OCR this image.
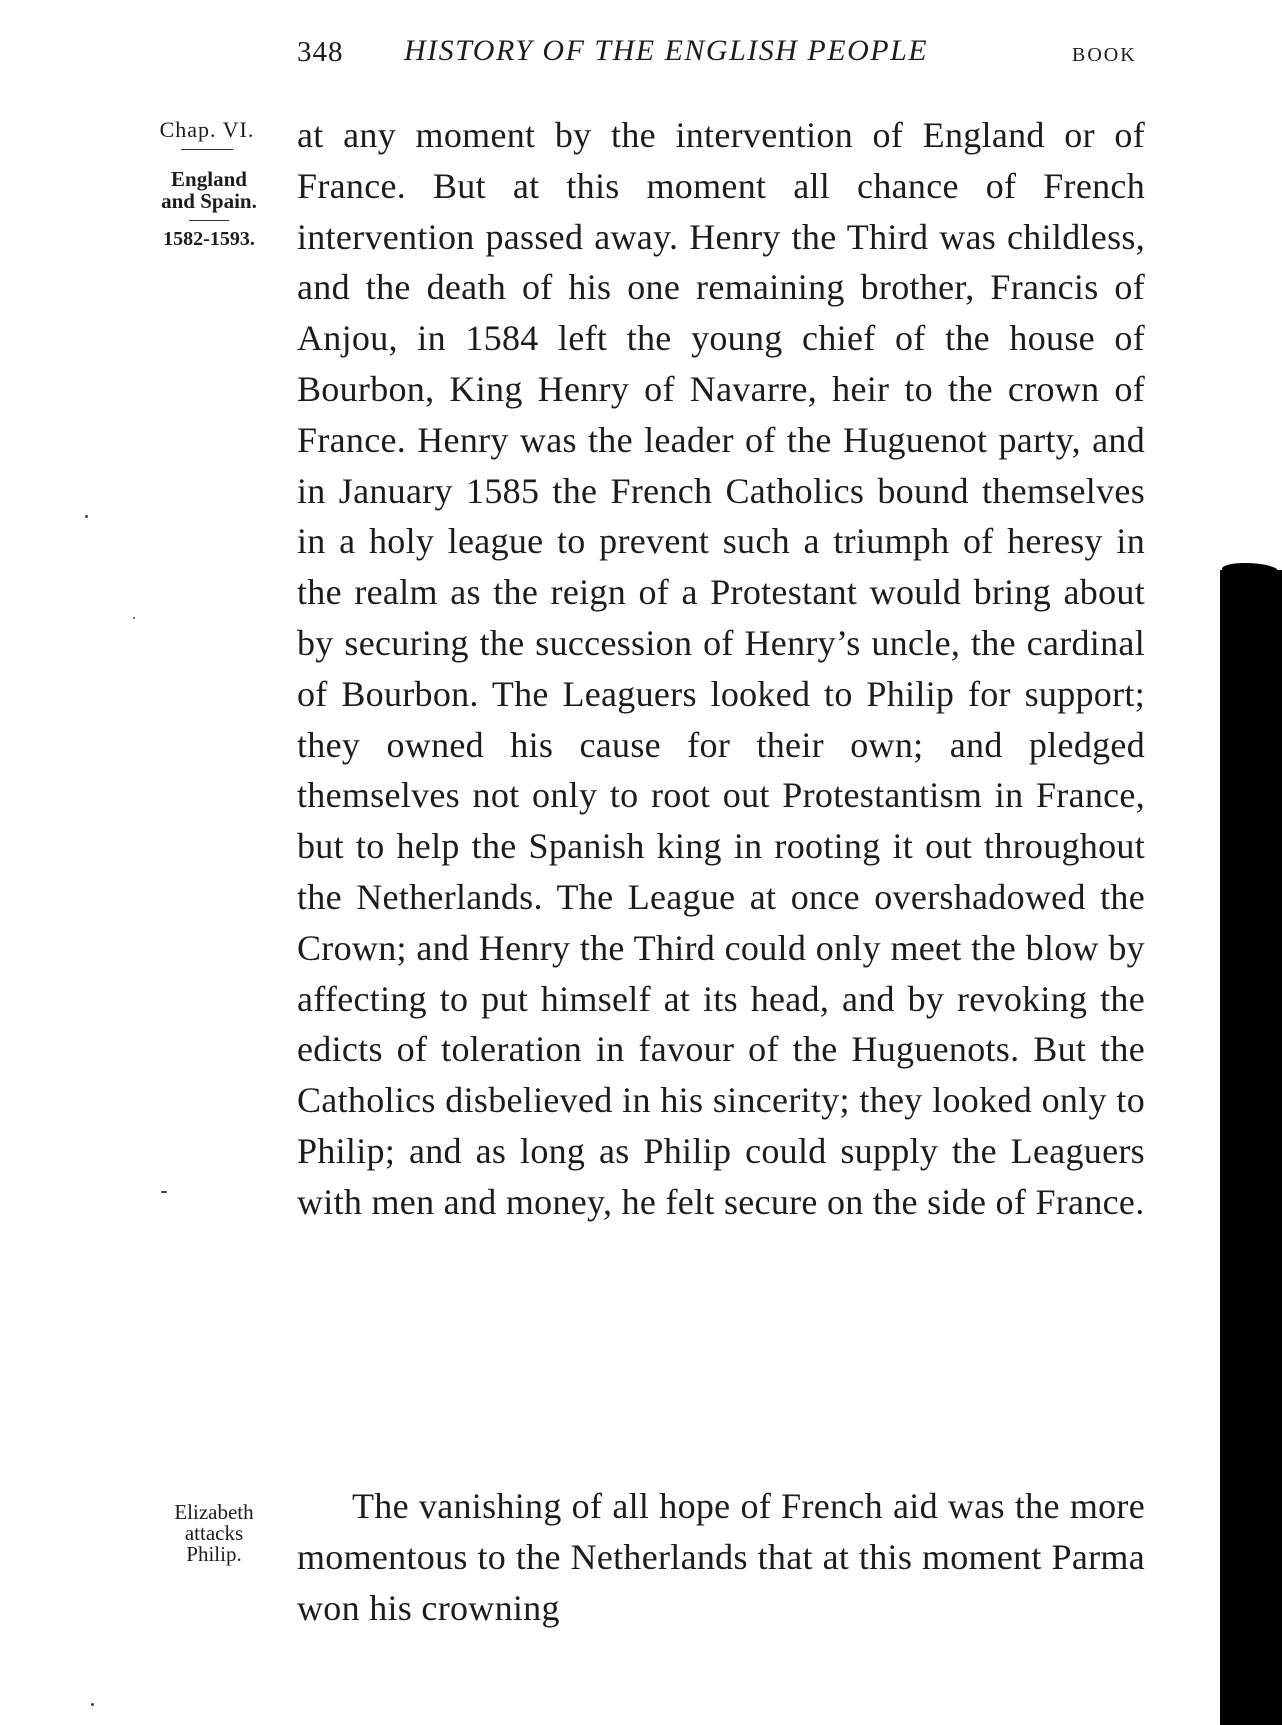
348 HISTORY OF THE ENGLISH PEOPLE	BOOK
Chap. VI.
England
and Spain.
1582-1593.

at any moment by the intervention of England or of France. But at this moment all chance of French intervention passed away. Henry the Third was childless, and the death of his one remaining brother, Francis of Anjou, in 1584 left the young chief of the house of Bourbon, King Henry of Navarre, heir to the crown of France. Henry was the leader of the Huguenot party, and in January 1585 the French Catholics bound themselves in a holy league to prevent such a triumph of heresy in the realm as the reign of a Protestant would bring about by securing the succession of Henry’s uncle, the cardinal of Bourbon. The Leaguers looked to Philip for support; they owned his cause for their own; and pledged themselves not only to root out Protestantism in France, but to help the Spanish king in rooting it out throughout the Netherlands. The League at once overshadowed the Crown; and Henry the Third could only meet the blow by affecting to put himself at its head, and by revoking the edicts of toleration in favour of the Huguenots. But the Catholics disbelieved in his sincerity; they looked only to Philip; and as long as Philip could supply the Leaguers with men and money, he felt secure on the side of France.

Elizabeth
attacks
Philip.

The vanishing of all hope of French aid was the more momentous to the Netherlands that at this moment Parma won his crowning
